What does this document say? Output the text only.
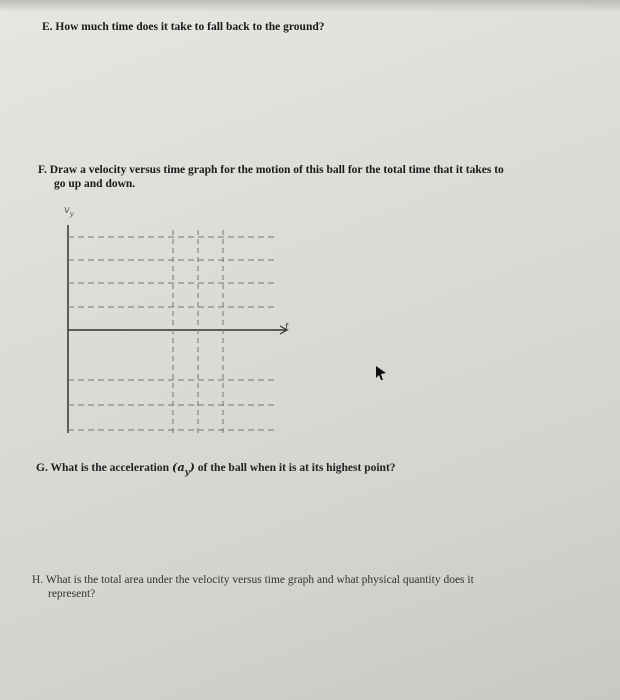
E. How much time does it take to fall back to the ground?
F. Draw a velocity versus time graph for the motion of this ball for the total time that it takes to
go up and down.
$v_y$
t
G. What is the acceleration $(a_y)$ of the ball when it is at its highest point?
H. What is the total area under the velocity versus time graph and what physical quantity does it
represent?
